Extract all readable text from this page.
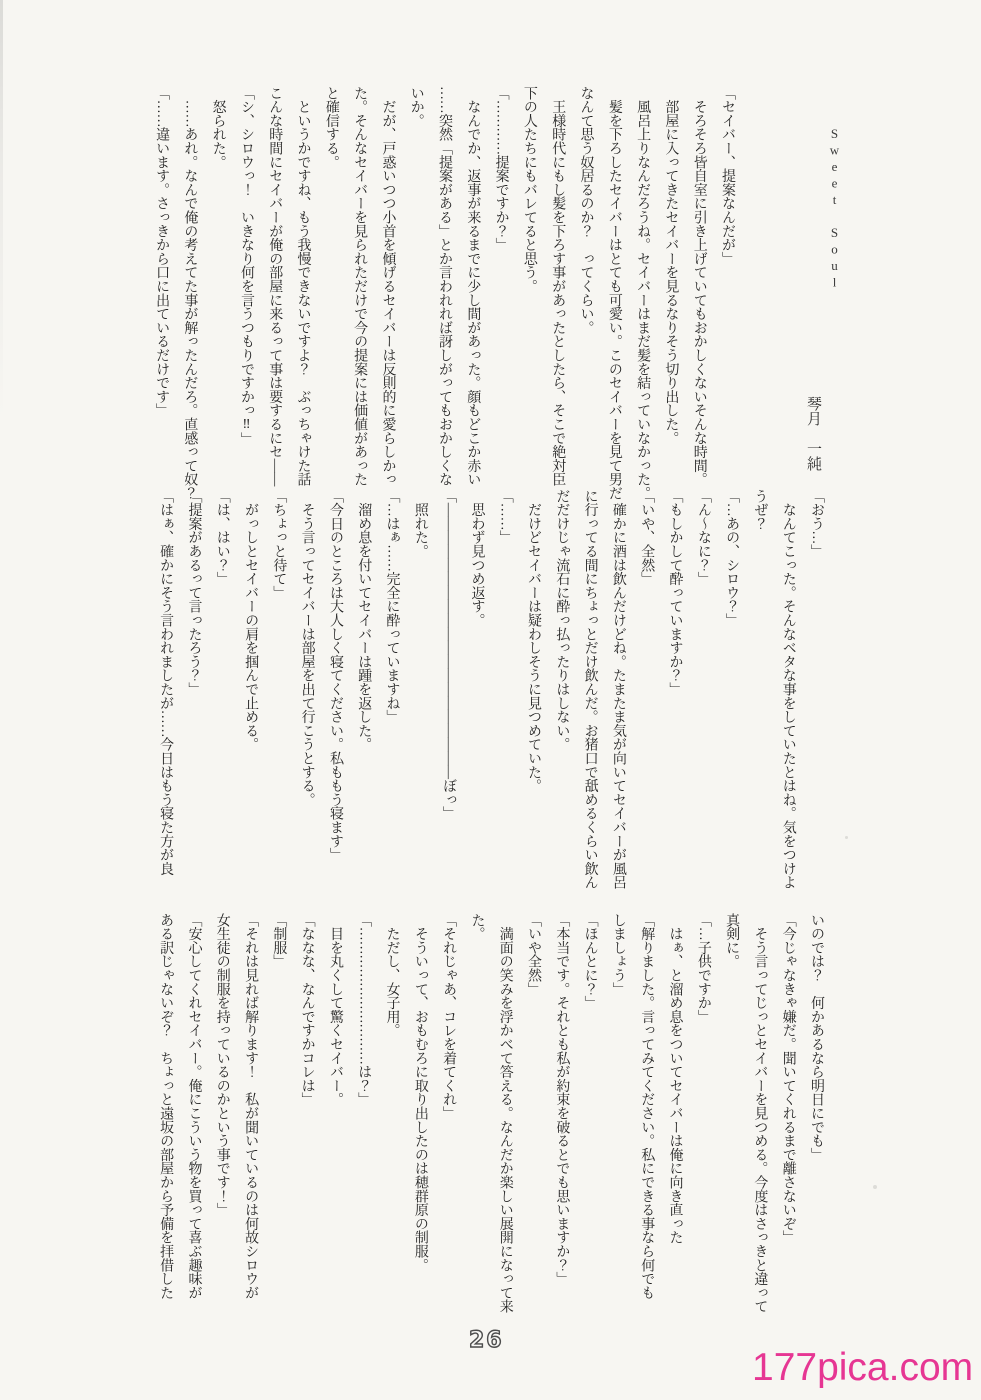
Sweet Soul
琴月　一純

「セイバー、提案なんだが」

　そろそろ皆自室に引き上げていてもおかしくないそんな時間。

　部屋に入ってきたセイバーを見るなりそう切り出した。

　風呂上りなんだろうね。セイバーはまだ髪を結っていなかった。

　髪を下ろしたセイバーはとても可愛い。このセイバーを見て男だ

なんて思う奴居るのか？　ってくらい。

　王様時代にもし髪を下ろす事があったとしたら、そこで絶対臣

下の人たちにもバレてると思う。

「…………提案ですか？」

　なんでか、返事が来るまでに少し間があった。顔もどこか赤い

……突然「提案がある」とか言われれば訝しがってもおかしくな

いか。

　だが、戸惑いつつ小首を傾げるセイバーは反則的に愛らしかっ

た。そんなセイバーを見られただけで今の提案には価値があった

と確信する。

　というかですね、もう我慢できないですよ？　ぶっちゃけた話

こんな時間にセイバーが俺の部屋に来るって事は要するにセ――

「シ、シロウっ！　いきなり何を言うつもりですかっ‼」

　怒られた。

　……あれ。なんで俺の考えてた事が解ったんだろ。直感って奴？

「……違います。さっきから口に出ているだけです」

「おう…」

　なんてこった。そんなベタな事をしていたとはね。気をつけよ

うぜ？

「…あの、シロウ？」

「ん～なに？」

「もしかして酔っていますか？」

「いや、全然」

　確かに酒は飲んだけどね。たまたま気が向いてセイバーが風呂

に行ってる間にちょっとだけ飲んだ。お猪口で舐めるくらい飲ん

だだけじゃ流石に酔っ払ったりはしない。

　だけどセイバーは疑わしそうに見つめていた。

「……」

　思わず見つめ返す。

「――――――――――――――――――――ぼっ」

　照れた。

「…はぁ……完全に酔っていますね」

　溜め息を付いてセイバーは踵を返した。

「今日のところは大人しく寝てください。私ももう寝ます」

　そう言ってセイバーは部屋を出て行こうとする。

「ちょっと待て」

　がっしとセイバーの肩を掴んで止める。

「は、はい？」

「提案があるって言ったろう？」

「はぁ、確かにそう言われましたが……今日はもう寝た方が良

いのでは？　何かあるなら明日にでも」

「今じゃなきゃ嫌だ。聞いてくれるまで離さないぞ」

　そう言ってじっとセイバーを見つめる。今度はさっきと違って

真剣に。

「…子供ですか」

　はぁ、と溜め息をついてセイバーは俺に向き直った

「解りました。言ってみてください。私にできる事なら何でも

しましょう」

「ほんとに？」

「本当です。それとも私が約束を破るとでも思いますか？」

「いや全然」

　満面の笑みを浮かべて答える。なんだか楽しい展開になって来

た。

「それじゃあ、コレを着てくれ」

　そういって、おもむろに取り出したのは穂群原の制服。

　ただし、女子用。

「…………………………は？」

　目を丸くして驚くセイバー。

「ななな、なんですかコレは」

「制服」

「それは見れば解ります！　私が聞いているのは何故シロウが

女生徒の制服を持っているのかという事です！」

「安心してくれセイバー。俺にこういう物を買って喜ぶ趣味が

ある訳じゃないぞ？　ちょっと遠坂の部屋から予備を拝借した

26
177pica.com
